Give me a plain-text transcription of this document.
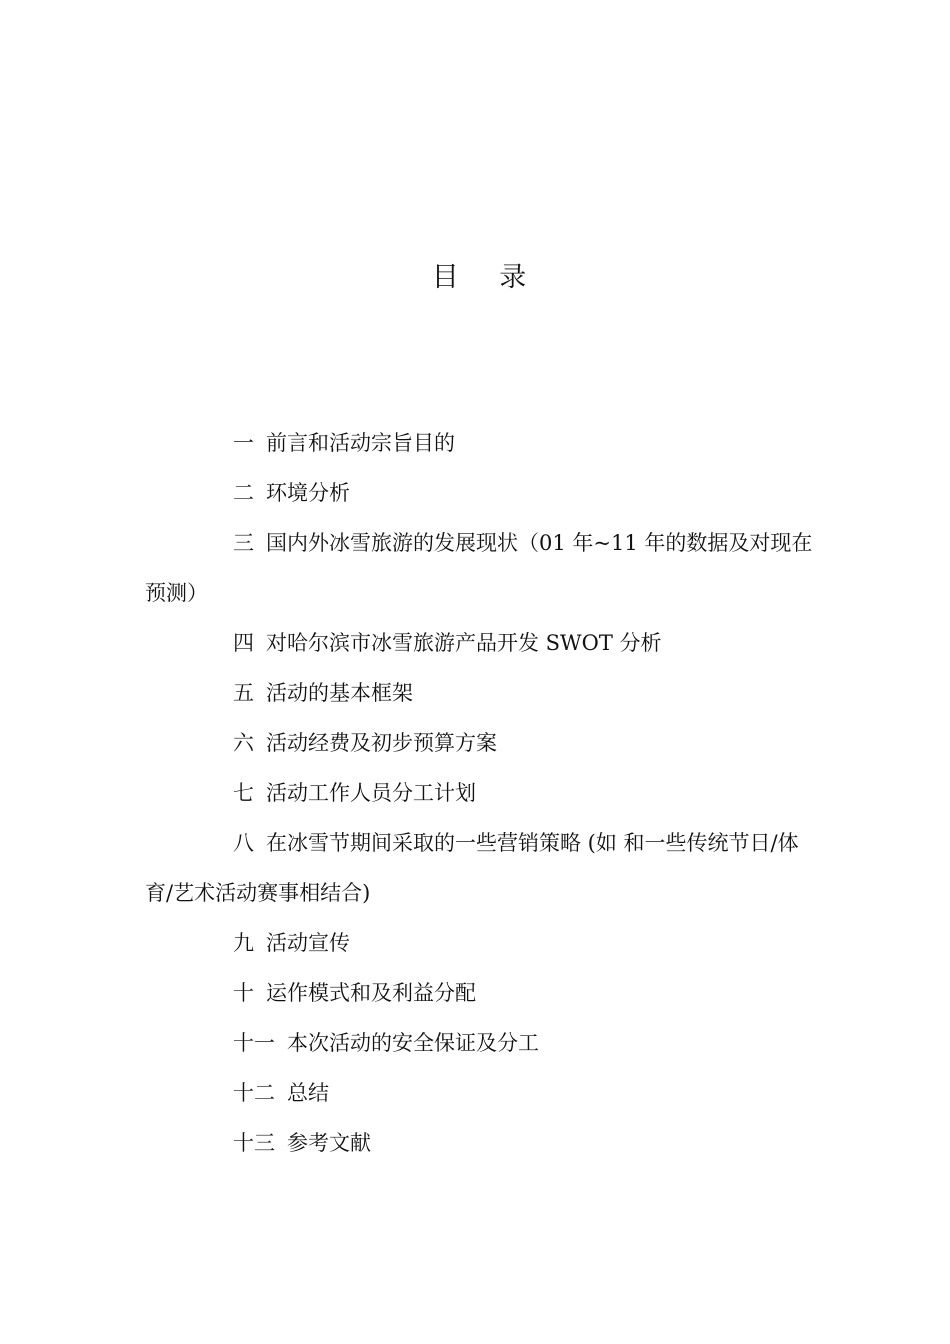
目 录
一 前言和活动宗旨目的
二 环境分析
三 国内外冰雪旅游的发展现状（01 年~11 年的数据及对现在预测）
四 对哈尔滨市冰雪旅游产品开发 SWOT 分析
五 活动的基本框架
六 活动经费及初步预算方案
七 活动工作人员分工计划
八 在冰雪节期间采取的一些营销策略 (如 和一些传统节日/体育/艺术活动赛事相结合)
九 活动宣传
十 运作模式和及利益分配
十一 本次活动的安全保证及分工
十二 总结
十三 参考文献
